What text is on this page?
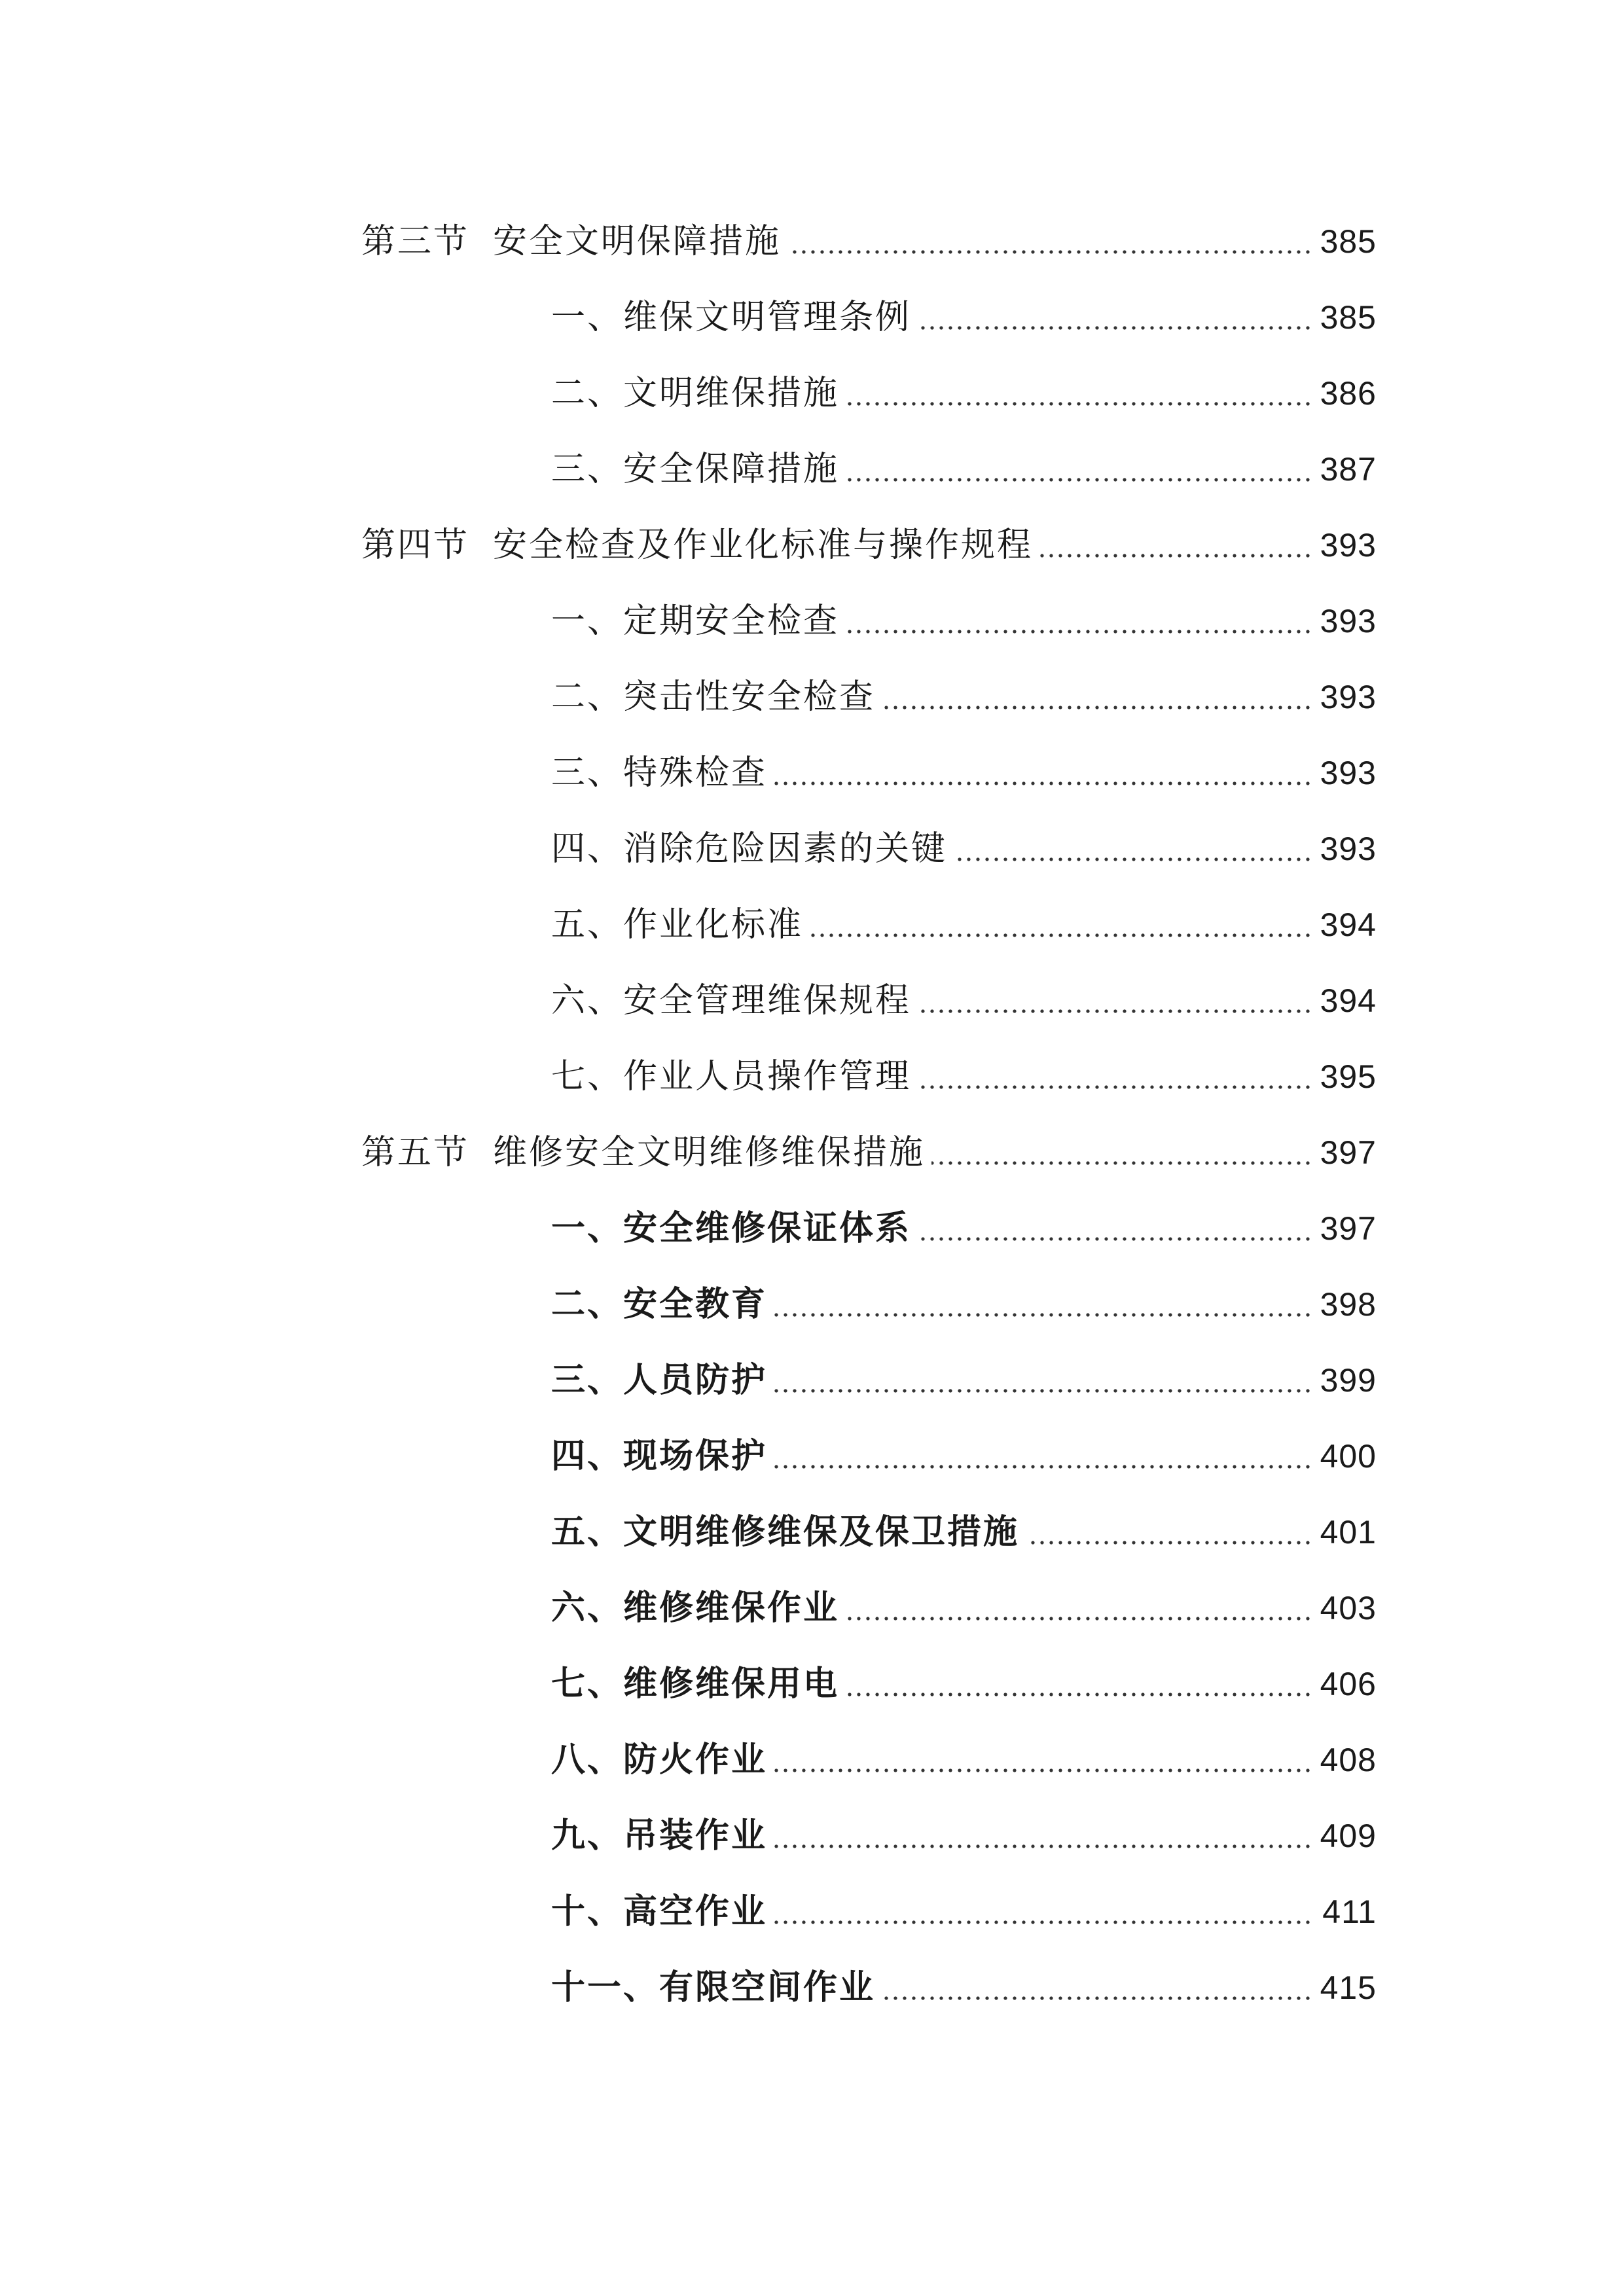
第三节 安全文明保障措施	385
一、维保文明管理条例	385
二、文明维保措施	386
三、安全保障措施	387
第四节 安全检查及作业化标准与操作规程	393
一、定期安全检查	393
二、突击性安全检查	393
三、特殊检查	393
四、消除危险因素的关键	393
五、作业化标准	394
六、安全管理维保规程	394
七、作业人员操作管理	395
第五节 维修安全文明维修维保措施	397
一、安全维修保证体系	397
二、安全教育	398
三、人员防护	399
四、现场保护	400
五、文明维修维保及保卫措施	401
六、维修维保作业	403
七、维修维保用电	406
八、防火作业	408
九、吊装作业	409
十、高空作业	411
十一、有限空间作业	415
